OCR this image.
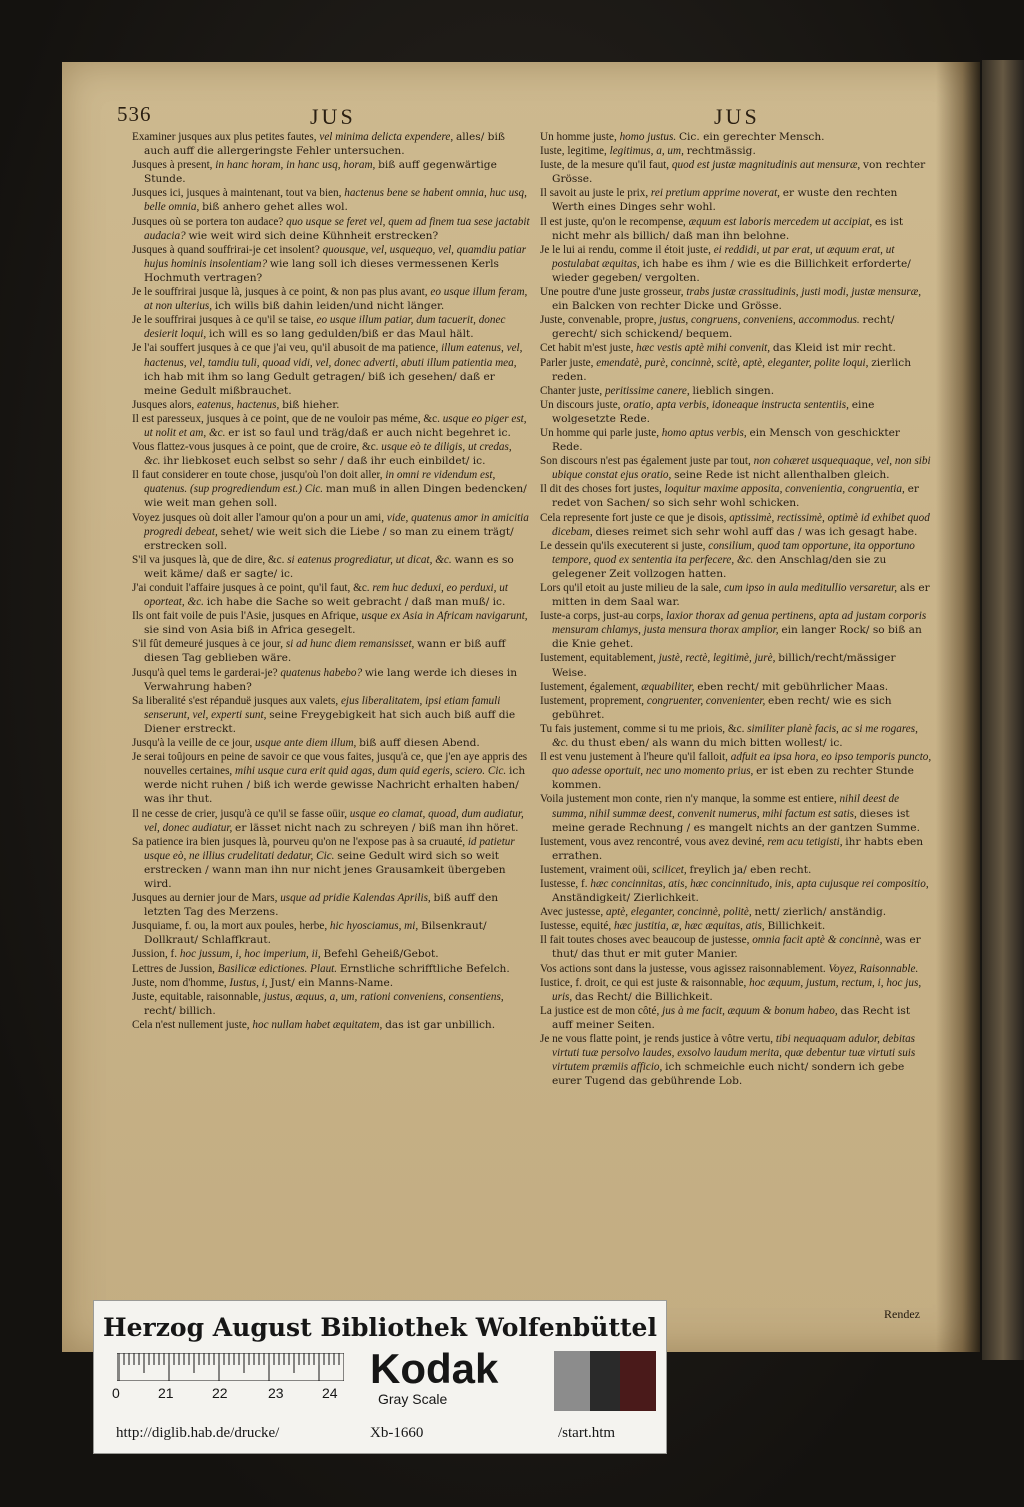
536	JUS	JUS

Examiner jusques aux plus petites fautes, vel minima delicta expendere, alles/ biß auch auff die allergeringste Fehler untersuchen.

Jusques à present, in hanc horam, in hanc usq, horam, biß auff gegenwärtige Stunde.

Jusques ici, jusques à maintenant, tout va bien, hactenus bene se habent omnia, huc usq, belle omnia, biß anhero gehet alles wol.

Jusques où se portera ton audace? quo usque se feret vel, quem ad finem tua sese jactabit audacia? wie weit wird sich deine Kühnheit erstrecken?

Jusques à quand souffrirai-je cet insolent? quousque, vel, usquequo, vel, quamdiu patiar hujus hominis insolentiam? wie lang soll ich dieses vermessenen Kerls Hochmuth vertragen?

Je le souffrirai jusque là, jusques à ce point, & non pas plus avant, eo usque illum feram, at non ulterius, ich wills biß dahin leiden/und nicht länger.

Je le souffrirai jusques à ce qu'il se taise, eo usque illum patiar, dum tacuerit, donec desierit loqui, ich will es so lang gedulden/biß er das Maul hält.

Je l'ai souffert jusques à ce que j'ai veu, qu'il abusoit de ma patience, illum eatenus, vel, hactenus, vel, tamdiu tuli, quoad vidi, vel, donec adverti, abuti illum patientia mea, ich hab mit ihm so lang Gedult getragen/ biß ich gesehen/ daß er meine Gedult mißbrauchet.

Jusques alors, eatenus, hactenus, biß hieher.

Il est paresseux, jusques à ce point, que de ne vouloir pas méme, &c. usque eo piger est, ut nolit et am, &c. er ist so faul und träg/daß er auch nicht begehret ic.

Vous flattez-vous jusques à ce point, que de croire, &c. usque eò te diligis, ut credas, &c. ihr liebkoset euch selbst so sehr / daß ihr euch einbildet/ ic.

Il faut considerer en toute chose, jusqu'où l'on doit aller, in omni re videndum est, quatenus. (sup progrediendum est.) Cic. man muß in allen Dingen bedencken/ wie weit man gehen soll.

Voyez jusques où doit aller l'amour qu'on a pour un ami, vide, quatenus amor in amicitia progredi debeat, sehet/ wie weit sich die Liebe / so man zu einem trägt/ erstrecken soll.

S'il va jusques là, que de dire, &c. si eatenus progrediatur, ut dicat, &c. wann es so weit käme/ daß er sagte/ ic.

J'ai conduit l'affaire jusques à ce point, qu'il faut, &c. rem huc deduxi, eo perduxi, ut oporteat, &c. ich habe die Sache so weit gebracht / daß man muß/ ic.

Ils ont fait voile de puis l'Asie, jusques en Afrique, usque ex Asia in Africam navigarunt, sie sind von Asia biß in Africa gesegelt.

S'il fût demeuré jusques à ce jour, si ad hunc diem remansisset, wann er biß auff diesen Tag geblieben wäre.

Jusqu'à quel tems le garderai-je? quatenus habebo? wie lang werde ich dieses in Verwahrung haben?

Sa liberalité s'est répanduë jusques aux valets, ejus liberalitatem, ipsi etiam famuli senserunt, vel, experti sunt, seine Freygebigkeit hat sich auch biß auff die Diener erstreckt.

Jusqu'à la veille de ce jour, usque ante diem illum, biß auff diesen Abend.

Je serai toûjours en peine de savoir ce que vous faites, jusqu'à ce, que j'en aye appris des nouvelles certaines, mihi usque cura erit quid agas, dum quid egeris, sciero. Cic. ich werde nicht ruhen / biß ich werde gewisse Nachricht erhalten haben/ was ihr thut.

Il ne cesse de crier, jusqu'à ce qu'il se fasse oüir, usque eo clamat, quoad, dum audiatur, vel, donec audiatur, er lässet nicht nach zu schreyen / biß man ihn höret.

Sa patience ira bien jusques là, pourveu qu'on ne l'expose pas à sa cruauté, id patietur usque eò, ne illius crudelitati dedatur, Cic. seine Gedult wird sich so weit erstrecken / wann man ihn nur nicht jenes Grausamkeit übergeben wird.

Jusques au dernier jour de Mars, usque ad pridie Kalendas Aprilis, biß auff den letzten Tag des Merzens.

Jusquiame, f. ou, la mort aux poules, herbe, hic hyosciamus, mi, Bilsenkraut/ Dollkraut/ Schlaffkraut.

Jussion, f. hoc jussum, i, hoc imperium, ii, Befehl Geheiß/Gebot.

Lettres de Jussion, Basilicæ edictiones. Plaut. Ernstliche schrifftliche Befelch.

Juste, nom d'homme, Iustus, i, Just/ ein Manns-Name.

Juste, equitable, raisonnable, justus, æquus, a, um, rationi conveniens, consentiens, recht/ billich.

Cela n'est nullement juste, hoc nullam habet æquitatem, das ist gar unbillich.

Un homme juste, homo justus. Cic. ein gerechter Mensch.

Iuste, legitime, legitimus, a, um, rechtmässig.

Iuste, de la mesure qu'il faut, quod est justæ magnitudinis aut mensuræ, von rechter Grösse.

Il savoit au juste le prix, rei pretium apprime noverat, er wuste den rechten Werth eines Dinges sehr wohl.

Il est juste, qu'on le recompense, æquum est laboris mercedem ut accipiat, es ist nicht mehr als billich/ daß man ihn belohne.

Je le lui ai rendu, comme il étoit juste, ei reddidi, ut par erat, ut æquum erat, ut postulabat æquitas, ich habe es ihm / wie es die Billichkeit erforderte/ wieder gegeben/ vergolten.

Une poutre d'une juste grosseur, trabs justæ crassitudinis, justi modi, justæ mensuræ, ein Balcken von rechter Dicke und Grösse.

Juste, convenable, propre, justus, congruens, conveniens, accommodus. recht/ gerecht/ sich schickend/ bequem.

Cet habit m'est juste, hæc vestis aptè mihi convenit, das Kleid ist mir recht.

Parler juste, emendatè, purè, concinnè, scitè, aptè, eleganter, polite loqui, zierlich reden.

Chanter juste, peritissime canere, lieblich singen.

Un discours juste, oratio, apta verbis, idoneaque instructa sententiis, eine wolgesetzte Rede.

Un homme qui parle juste, homo aptus verbis, ein Mensch von geschickter Rede.

Son discours n'est pas également juste par tout, non cohæret usquequaque, vel, non sibi ubique constat ejus oratio, seine Rede ist nicht allenthalben gleich.

Il dit des choses fort justes, loquitur maxime apposita, convenientia, congruentia, er redet von Sachen/ so sich sehr wohl schicken.

Cela represente fort juste ce que je disois, aptissimè, rectissimè, optimè id exhibet quod dicebam, dieses reimet sich sehr wohl auff das / was ich gesagt habe.

Le dessein qu'ils executerent si juste, consilium, quod tam opportune, ita opportuno tempore, quod ex sententia ita perfecere, &c. den Anschlag/den sie zu gelegener Zeit vollzogen hatten.

Lors qu'il etoit au juste milieu de la sale, cum ipso in aula meditullio versaretur, als er mitten in dem Saal war.

Iuste-a corps, just-au corps, laxior thorax ad genua pertinens, apta ad justam corporis mensuram chlamys, justa mensura thorax amplior, ein langer Rock/ so biß an die Knie gehet.

Iustement, equitablement, justè, rectè, legitimè, jurè, billich/recht/mässiger Weise.

Iustement, également, æquabiliter, eben recht/ mit gebührlicher Maas.

Iustement, proprement, congruenter, convenienter, eben recht/ wie es sich gebühret.

Tu fais justement, comme si tu me priois, &c. similiter planè facis, ac si me rogares, &c. du thust eben/ als wann du mich bitten wollest/ ic.

Il est venu justement à l'heure qu'il falloit, adfuit ea ipsa hora, eo ipso temporis puncto, quo adesse oportuit, nec uno momento prius, er ist eben zu rechter Stunde kommen.

Voila justement mon conte, rien n'y manque, la somme est entiere, nihil deest de summa, nihil summæ deest, convenit numerus, mihi factum est satis, dieses ist meine gerade Rechnung / es mangelt nichts an der gantzen Summe.

Iustement, vous avez rencontré, vous avez deviné, rem acu tetigisti, ihr habts eben errathen.

Iustement, vraiment oüi, scilicet, freylich ja/ eben recht.

Iustesse, f. hæc concinnitas, atis, hæc concinnitudo, inis, apta cujusque rei compositio, Anständigkeit/ Zierlichkeit.

Avec justesse, aptè, eleganter, concinnè, politè, nett/ zierlich/ anständig.

Iustesse, equité, hæc justitia, æ, hæc æquitas, atis, Billichkeit.

Il fait toutes choses avec beaucoup de justesse, omnia facit aptè & concinnè, was er thut/ das thut er mit guter Manier.

Vos actions sont dans la justesse, vous agissez raisonnablement. Voyez, Raisonnable.

Iustice, f. droit, ce qui est juste & raisonnable, hoc æquum, justum, rectum, i, hoc jus, uris, das Recht/ die Billichkeit.

La justice est de mon côté, jus à me facit, æquum & bonum habeo, das Recht ist auff meiner Seiten.

Je ne vous flatte point, je rends justice à vôtre vertu, tibi nequaquam adulor, debitas virtuti tuæ persolvo laudes, exsolvo laudum merita, quæ debentur tuæ virtuti suis virtutem præmiis afficio, ich schmeichle euch nicht/ sondern ich gebe eurer Tugend das gebührende Lob.

Rendez
Herzog August Bibliothek Wolfenbüttel
0	21	22	23	24
Kodak
Gray Scale
http://diglib.hab.de/drucke/	Xb-1660	/start.htm
